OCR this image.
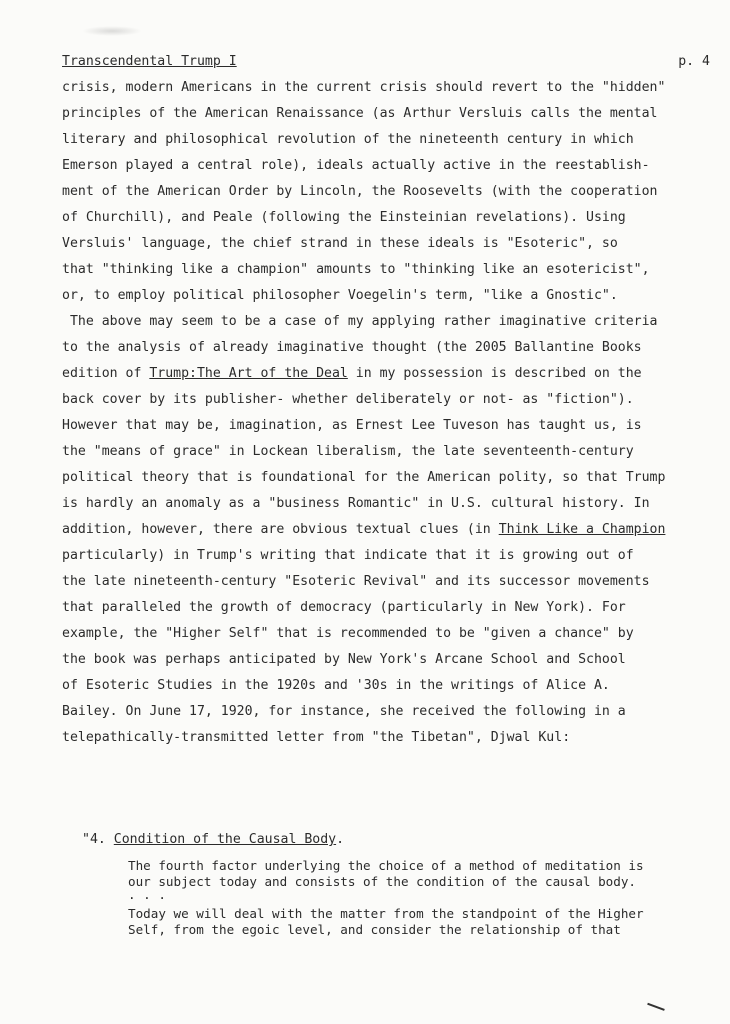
Transcendental Trump I	p. 4
crisis, modern Americans in the current crisis should revert to the "hidden"
principles of the American Renaissance (as Arthur Versluis calls the mental
literary and philosophical revolution of the nineteenth century in which
Emerson played a central role), ideals actually active in the reestablish-
ment of the American Order by Lincoln, the Roosevelts (with the cooperation
of Churchill), and Peale (following the Einsteinian revelations). Using
Versluis' language, the chief strand in these ideals is "Esoteric", so
that "thinking like a champion" amounts to "thinking like an esotericist",
or, to employ political philosopher Voegelin's term, "like a Gnostic".
The above may seem to be a case of my applying rather imaginative criteria
to the analysis of already imaginative thought (the 2005 Ballantine Books
edition of Trump:The Art of the Deal in my possession is described on the
back cover by its publisher- whether deliberately or not- as "fiction").
However that may be, imagination, as Ernest Lee Tuveson has taught us, is
the "means of grace" in Lockean liberalism, the late seventeenth-century
political theory that is foundational for the American polity, so that Trump
is hardly an anomaly as a "business Romantic" in U.S. cultural history. In
addition, however, there are obvious textual clues (in Think Like a Champion
particularly) in Trump's writing that indicate that it is growing out of
the late nineteenth-century "Esoteric Revival" and its successor movements
that paralleled the growth of democracy (particularly in New York). For
example, the "Higher Self" that is recommended to be "given a chance" by
the book was perhaps anticipated by New York's Arcane School and School
of Esoteric Studies in the 1920s and '30s in the writings of Alice A.
Bailey. On June 17, 1920, for instance, she received the following in a
telepathically-transmitted letter from "the Tibetan", Djwal Kul:
"4. Condition of the Causal Body.
The fourth factor underlying the choice of a method of meditation is
our subject today and consists of the condition of the causal body.
. . .
Today we will deal with the matter from the standpoint of the Higher
Self, from the egoic level, and consider the relationship of that
